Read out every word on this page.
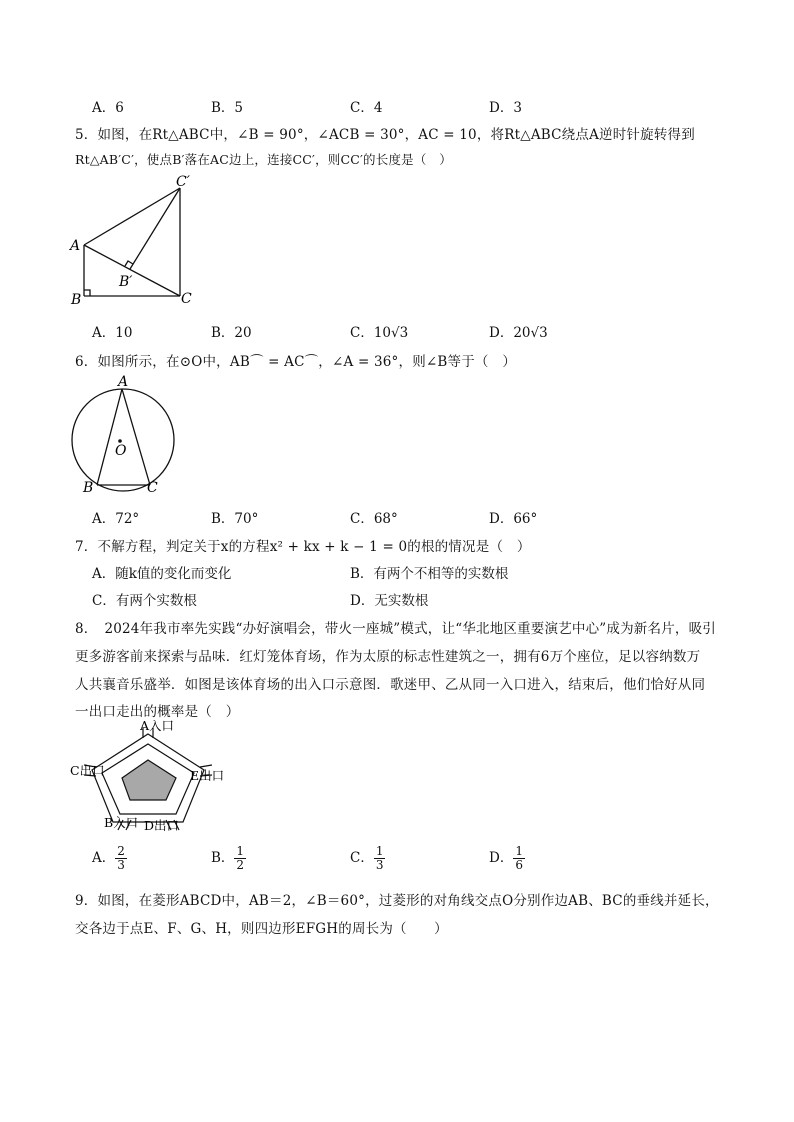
A．6	B．5	C．4	D．3
5．如图，在Rt△ABC中，∠B = 90°，∠ACB = 30°，AC = 10，将Rt△ABC绕点A逆时针旋转得到
Rt△AB′C′，使点B′落在AC边上，连接CC′，则CC′的长度是（　）
A
B	C
B′
C′
A．10	B．20	C．10√3	D．20√3
6．如图所示，在⊙O中，AB⌒ = AC⌒，∠A = 36°，则∠B等于（　）
A
O
B	C
A．72°	B．70°	C．68°	D．66°
7．不解方程，判定关于x的方程x² + kx + k − 1 = 0的根的情况是（　）
A．随k值的变化而变化	B．有两个不相等的实数根
C．有两个实数根	D．无实数根
8．　2024年我市率先实践“办好演唱会，带火一座城”模式，让“华北地区重要演艺中心”成为新名片，吸引
更多游客前来探索与品味．红灯笼体育场，作为太原的标志性建筑之一，拥有6万个座位，足以容纳数万
人共襄音乐盛举．如图是该体育场的出入口示意图．歌迷甲、乙从同一入口进入，结束后，他们恰好从同
一出口走出的概率是（　）
A入口
C出口	E出口
B入口 D出口
A． $\frac{2}{3}$	B． $\frac{1}{2}$	C． $\frac{1}{3}$	D． $\frac{1}{6}$
9．如图，在菱形ABCD中，AB＝2，∠B＝60°，过菱形的对角线交点O分别作边AB、BC的垂线并延长，
交各边于点E、F、G、H，则四边形EFGH的周长为（　　）
